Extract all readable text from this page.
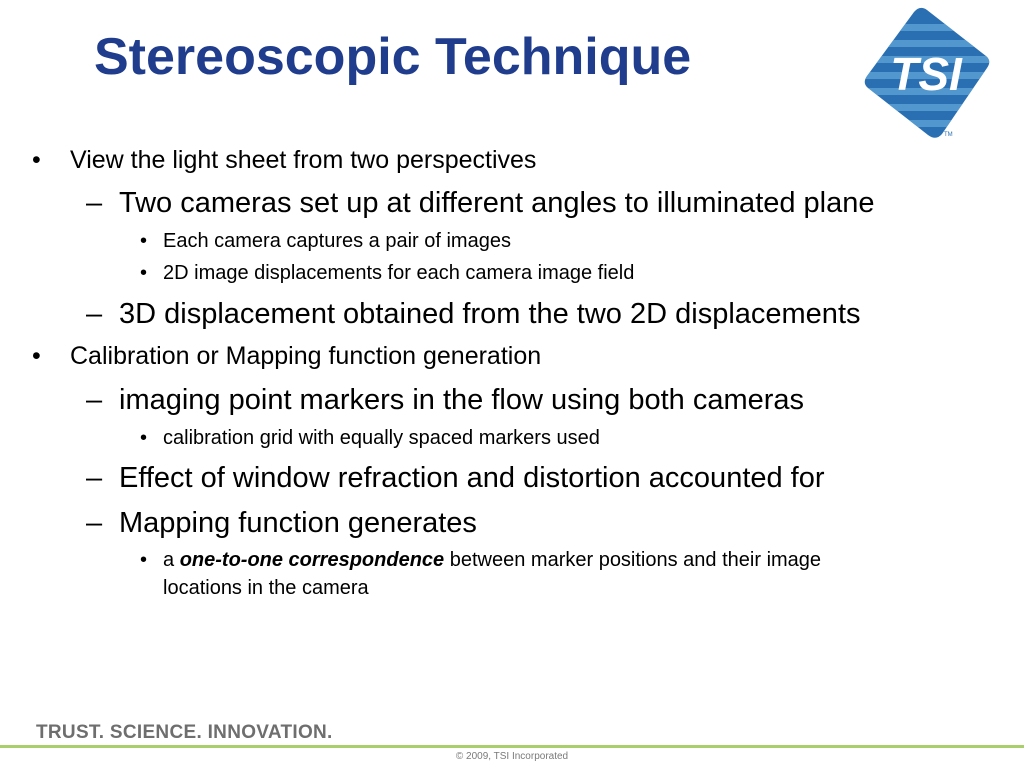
Stereoscopic Technique	TSI
TM
• View the light sheet from two perspectives
– Two cameras set up at different angles to illuminated plane
• Each camera captures a pair of images
• 2D image displacements for each camera image field
– 3D displacement obtained from the two 2D displacements
• Calibration or Mapping function generation
– imaging point markers in the flow using both cameras
• calibration grid with equally spaced markers used
– Effect of window refraction and distortion accounted for
– Mapping function generates
• a one-to-one correspondence between marker positions and their image
locations in the camera
TRUST. SCIENCE. INNOVATION.
© 2009, TSI Incorporated
